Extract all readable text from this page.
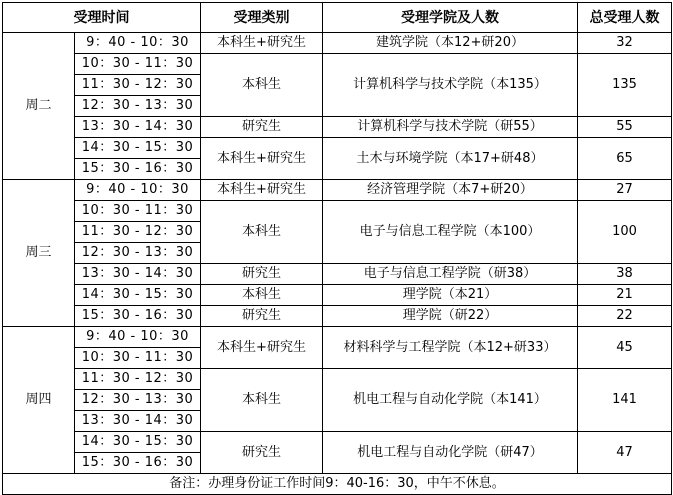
受理时间		受理类别	受理学院及人数	总受理人数
周二	9：40 - 10：30	本科生+研究生	建筑学院（本12+研20）	32
	10：30 - 11：30	本科生	计算机科学与技术学院（本135）	135
	11：30 - 12：30			
	12：30 - 13：30			
	13：30 - 14：30	研究生	计算机科学与技术学院（研55）	55
	14：30 - 15：30	本科生+研究生	土木与环境学院（本17+研48）	65
	15：30 - 16：30			
周三	9：40 - 10：30	本科生+研究生	经济管理学院（本7+研20）	27
	10：30 - 11：30	本科生	电子与信息工程学院（本100）	100
	11：30 - 12：30			
	12：30 - 13：30			
	13：30 - 14：30	研究生	电子与信息工程学院（研38）	38
	14：30 - 15：30	本科生	理学院（本21）	21
	15：30 - 16：30	研究生	理学院（研22）	22
周四	9：40 - 10：30	本科生+研究生	材料科学与工程学院（本12+研33）	45
	10：30 - 11：30			
	11：30 - 12：30	本科生	机电工程与自动化学院（本141）	141
	12：30 - 13：30			
	13：30 - 14：30			
	14：30 - 15：30	研究生	机电工程与自动化学院（研47）	47
	15：30 - 16：30			
备注：办理身份证工作时间9：40-16：30，中午不休息。				
